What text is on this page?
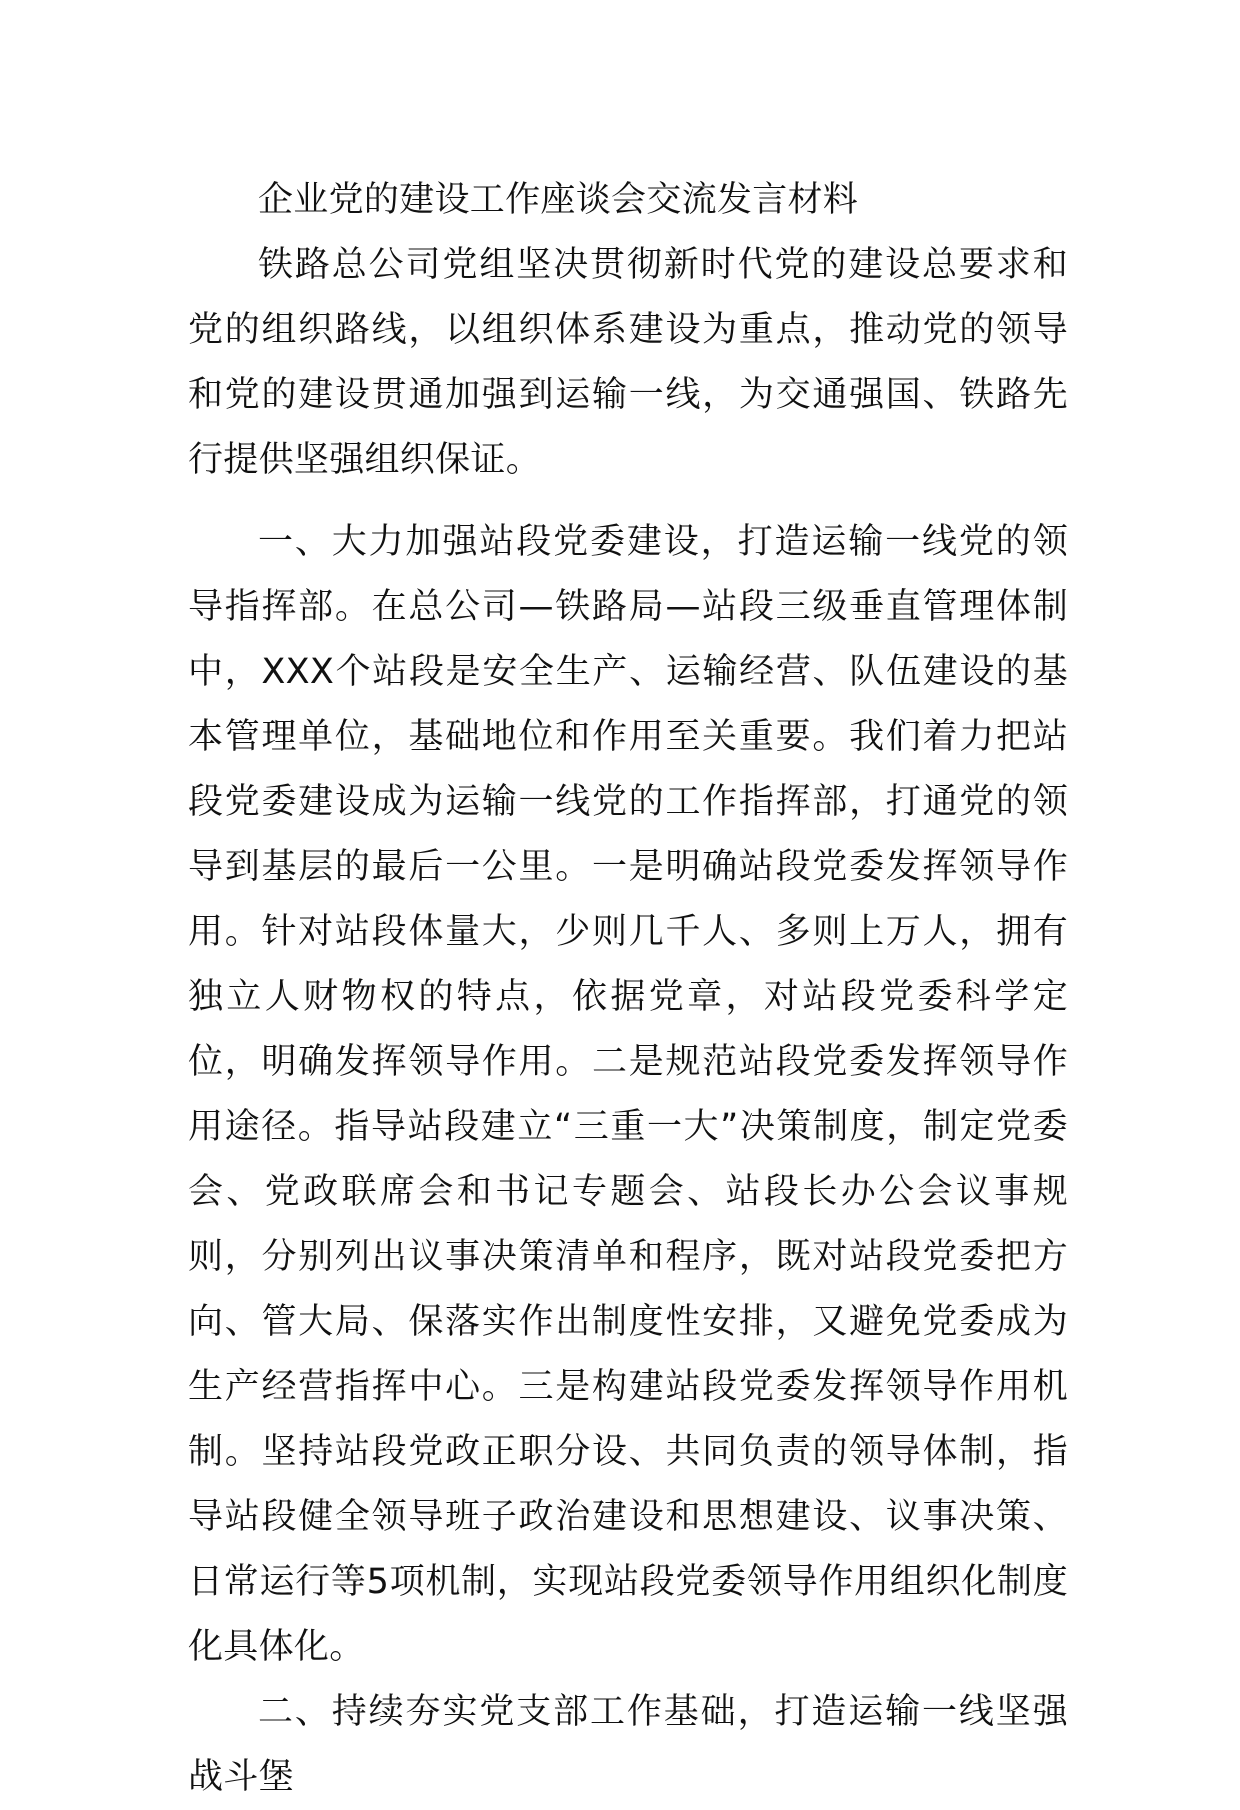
企业党的建设工作座谈会交流发言材料

铁路总公司党组坚决贯彻新时代党的建设总要求和党的组织路线，以组织体系建设为重点，推动党的领导和党的建设贯通加强到运输一线，为交通强国、铁路先行提供坚强组织保证。

一、大力加强站段党委建设，打造运输一线党的领导指挥部。在总公司—铁路局—站段三级垂直管理体制中，XXX个站段是安全生产、运输经营、队伍建设的基本管理单位，基础地位和作用至关重要。我们着力把站段党委建设成为运输一线党的工作指挥部，打通党的领导到基层的最后一公里。一是明确站段党委发挥领导作用。针对站段体量大，少则几千人、多则上万人，拥有独立人财物权的特点，依据党章，对站段党委科学定位，明确发挥领导作用。二是规范站段党委发挥领导作用途径。指导站段建立“三重一大”决策制度，制定党委会、党政联席会和书记专题会、站段长办公会议事规则，分别列出议事决策清单和程序，既对站段党委把方向、管大局、保落实作出制度性安排，又避免党委成为生产经营指挥中心。三是构建站段党委发挥领导作用机制。坚持站段党政正职分设、共同负责的领导体制，指导站段健全领导班子政治建设和思想建设、议事决策、日常运行等5项机制，实现站段党委领导作用组织化制度化具体化。

二、持续夯实党支部工作基础，打造运输一线坚强战斗堡
